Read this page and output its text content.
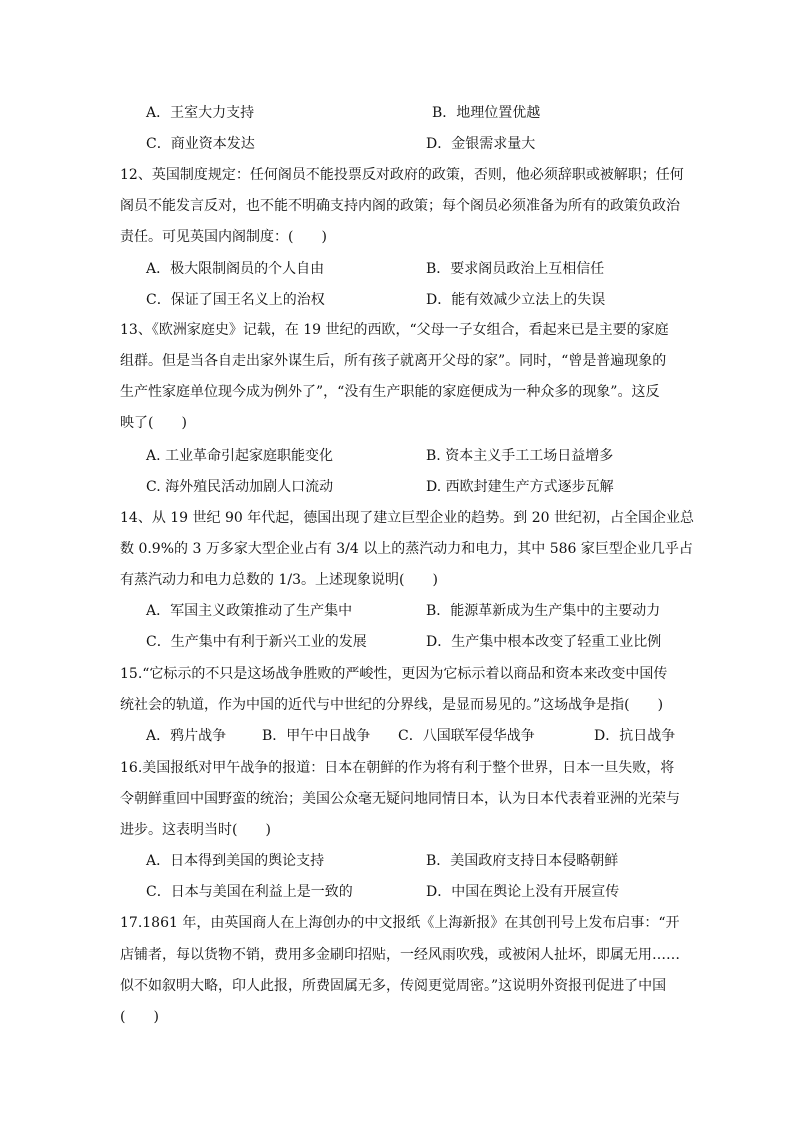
A．王室大力支持	B．地理位置优越
C．商业资本发达	D．金银需求量大
12、英国制度规定：任何阁员不能投票反对政府的政策，否则，他必须辞职或被解职；任何
阁员不能发言反对，也不能不明确支持内阁的政策；每个阁员必须准备为所有的政策负政治
责任。可见英国内阁制度：(　　)
A．极大限制阁员的个人自由	B．要求阁员政治上互相信任
C．保证了国王名义上的治权	D．能有效减少立法上的失误
13、《欧洲家庭史》记载，在 19 世纪的西欧，“父母一子女组合，看起来已是主要的家庭
组群。但是当各自走出家外谋生后，所有孩子就离开父母的家”。同时，“曾是普遍现象的
生产性家庭单位现今成为例外了”，“没有生产职能的家庭便成为一种众多的现象”。这反
映了(　　)
A. 工业革命引起家庭职能变化	B. 资本主义手工工场日益增多
C. 海外殖民活动加剧人口流动	D. 西欧封建生产方式逐步瓦解
14、从 19 世纪 90 年代起，德国出现了建立巨型企业的趋势。到 20 世纪初，占全国企业总
数 0.9%的 3 万多家大型企业占有 3/4 以上的蒸汽动力和电力，其中 586 家巨型企业几乎占
有蒸汽动力和电力总数的 1/3。上述现象说明(　　)
A．军国主义政策推动了生产集中	B．能源革新成为生产集中的主要动力
C．生产集中有利于新兴工业的发展	D．生产集中根本改变了轻重工业比例
15.“它标示的不只是这场战争胜败的严峻性，更因为它标示着以商品和资本来改变中国传
统社会的轨道，作为中国的近代与中世纪的分界线，是显而易见的。”这场战争是指(　　)
A．鸦片战争	B．甲午中日战争 C．八国联军侵华战争	D．抗日战争
16.美国报纸对甲午战争的报道：日本在朝鲜的作为将有利于整个世界，日本一旦失败，将
令朝鲜重回中国野蛮的统治；美国公众毫无疑问地同情日本，认为日本代表着亚洲的光荣与
进步。这表明当时(　　)
A．日本得到美国的舆论支持	B．美国政府支持日本侵略朝鲜
C．日本与美国在利益上是一致的	D．中国在舆论上没有开展宣传
17.1861 年，由英国商人在上海创办的中文报纸《上海新报》在其创刊号上发布启事：“开
店铺者，每以货物不销，费用多金刷印招贴，一经风雨吹残，或被闲人扯坏，即属无用……
似不如叙明大略，印人此报，所费固属无多，传阅更觉周密。”这说明外资报刊促进了中国
(　　)
